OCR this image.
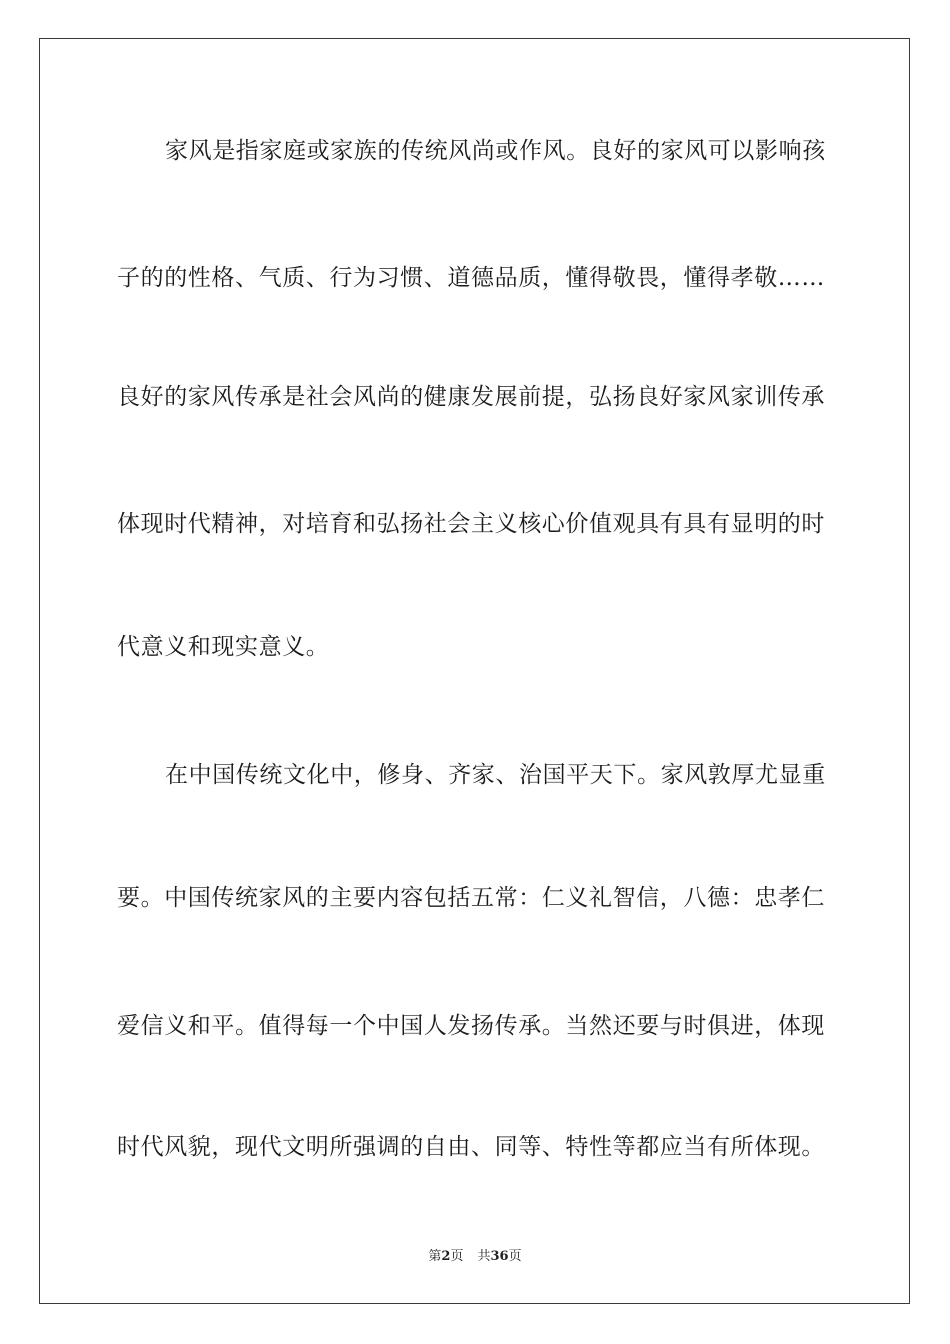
家风是指家庭或家族的传统风尚或作风。良好的家风可以影响孩
子的的性格、气质、行为习惯、道德品质，懂得敬畏，懂得孝敬……
良好的家风传承是社会风尚的健康发展前提，弘扬良好家风家训传承
体现时代精神，对培育和弘扬社会主义核心价值观具有具有显明的时
代意义和现实意义。
在中国传统文化中，修身、齐家、治国平天下。家风敦厚尤显重
要。中国传统家风的主要内容包括五常：仁义礼智信，八德：忠孝仁
爱信义和平。值得每一个中国人发扬传承。当然还要与时俱进，体现
时代风貌，现代文明所强调的自由、同等、特性等都应当有所体现。
第2页 共36页
